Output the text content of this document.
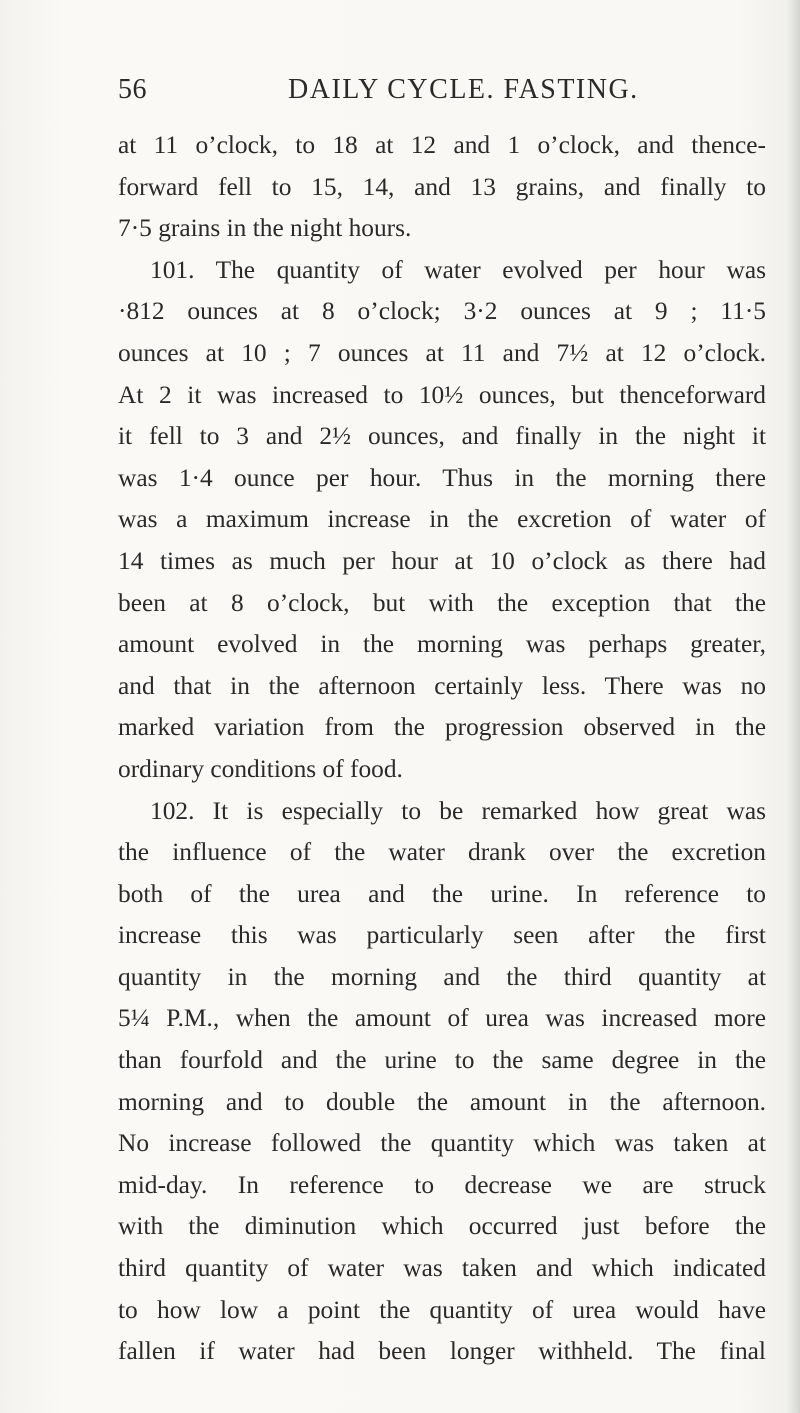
56	DAILY CYCLE. FASTING.
at 11 o’clock, to 18 at 12 and 1 o’clock, and thence-
forward fell to 15, 14, and 13 grains, and finally to
7·5 grains in the night hours.
101. The quantity of water evolved per hour was
·812 ounces at 8 o’clock; 3·2 ounces at 9 ; 11·5
ounces at 10 ; 7 ounces at 11 and 7½ at 12 o’clock.
At 2 it was increased to 10½ ounces, but thenceforward
it fell to 3 and 2½ ounces, and finally in the night it
was 1·4 ounce per hour. Thus in the morning there
was a maximum increase in the excretion of water of
14 times as much per hour at 10 o’clock as there had
been at 8 o’clock, but with the exception that the
amount evolved in the morning was perhaps greater,
and that in the afternoon certainly less. There was no
marked variation from the progression observed in the
ordinary conditions of food.
102. It is especially to be remarked how great was
the influence of the water drank over the excretion
both of the urea and the urine. In reference to
increase this was particularly seen after the first
quantity in the morning and the third quantity at
5¼ P.M., when the amount of urea was increased more
than fourfold and the urine to the same degree in the
morning and to double the amount in the afternoon.
No increase followed the quantity which was taken at
mid-day. In reference to decrease we are struck
with the diminution which occurred just before the
third quantity of water was taken and which indicated
to how low a point the quantity of urea would have
fallen if water had been longer withheld. The final
